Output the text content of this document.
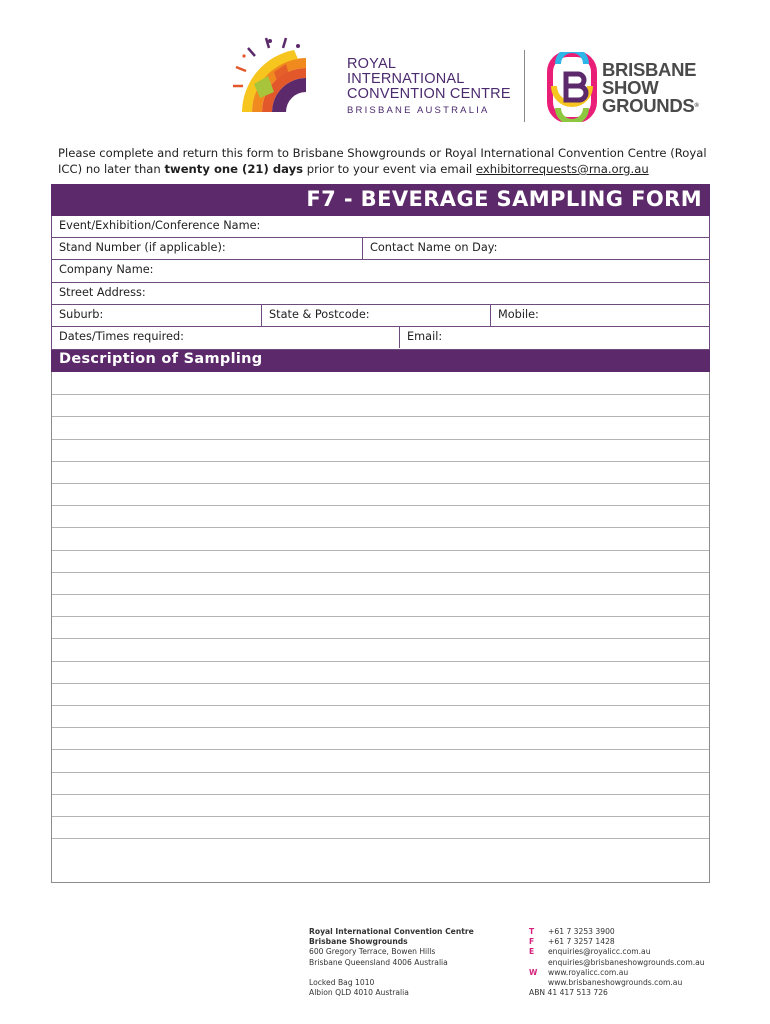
ROYAL
INTERNATIONAL
CONVENTION CENTRE
BRISBANE AUSTRALIA
BRISBANE
SHOW
GROUNDS®
Please complete and return this form to Brisbane Showgrounds or Royal International Convention Centre (Royal ICC) no later than twenty one (21) days prior to your event via email exhibitorrequests@rna.org.au
F7 - BEVERAGE SAMPLING FORM
Event/Exhibition/Conference Name:
Stand Number (if applicable):	Contact Name on Day:
Company Name:
Street Address:
Suburb:	State & Postcode:	Mobile:
Dates/Times required:	Email:
Description of Sampling
Royal International Convention Centre
Brisbane Showgrounds
600 Gregory Terrace, Bowen Hills
Brisbane Queensland 4006 Australia
Locked Bag 1010
Albion QLD 4010 Australia
T +61 7 3253 3900
F +61 7 3257 1428
E enquiries@royalicc.com.au
enquiries@brisbaneshowgrounds.com.au
W www.royalicc.com.au
www.brisbaneshowgrounds.com.au
ABN 41 417 513 726
